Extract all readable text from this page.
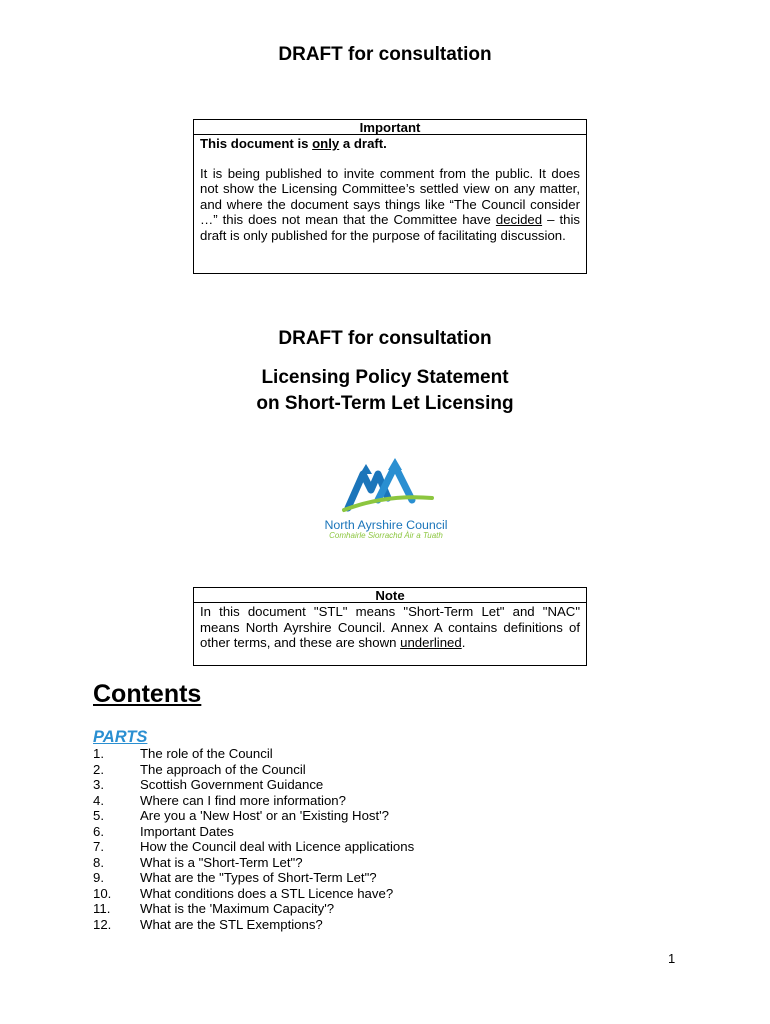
DRAFT for consultation
Important
This document is only a draft.

It is being published to invite comment from the public. It does not show the Licensing Committee’s settled view on any matter, and where the document says things like “The Council consider …” this does not mean that the Committee have decided – this draft is only published for the purpose of facilitating discussion.

DRAFT for consultation
Licensing Policy Statement
on Short-Term Let Licensing
North Ayrshire Council
Comhairle Siorrachd Àir a Tuath
Note

In this document "STL" means "Short-Term Let" and "NAC" means North Ayrshire Council. Annex A contains definitions of other terms, and these are shown underlined.

Contents
PARTS
1.	The role of the Council
2.	The approach of the Council
3.	Scottish Government Guidance
4.	Where can I find more information?
5.	Are you a 'New Host' or an 'Existing Host'?
6.	Important Dates
7.	How the Council deal with Licence applications
8.	What is a "Short-Term Let"?
9.	What are the "Types of Short-Term Let"?
10. What conditions does a STL Licence have?
11. What is the 'Maximum Capacity'?
12. What are the STL Exemptions?
1
